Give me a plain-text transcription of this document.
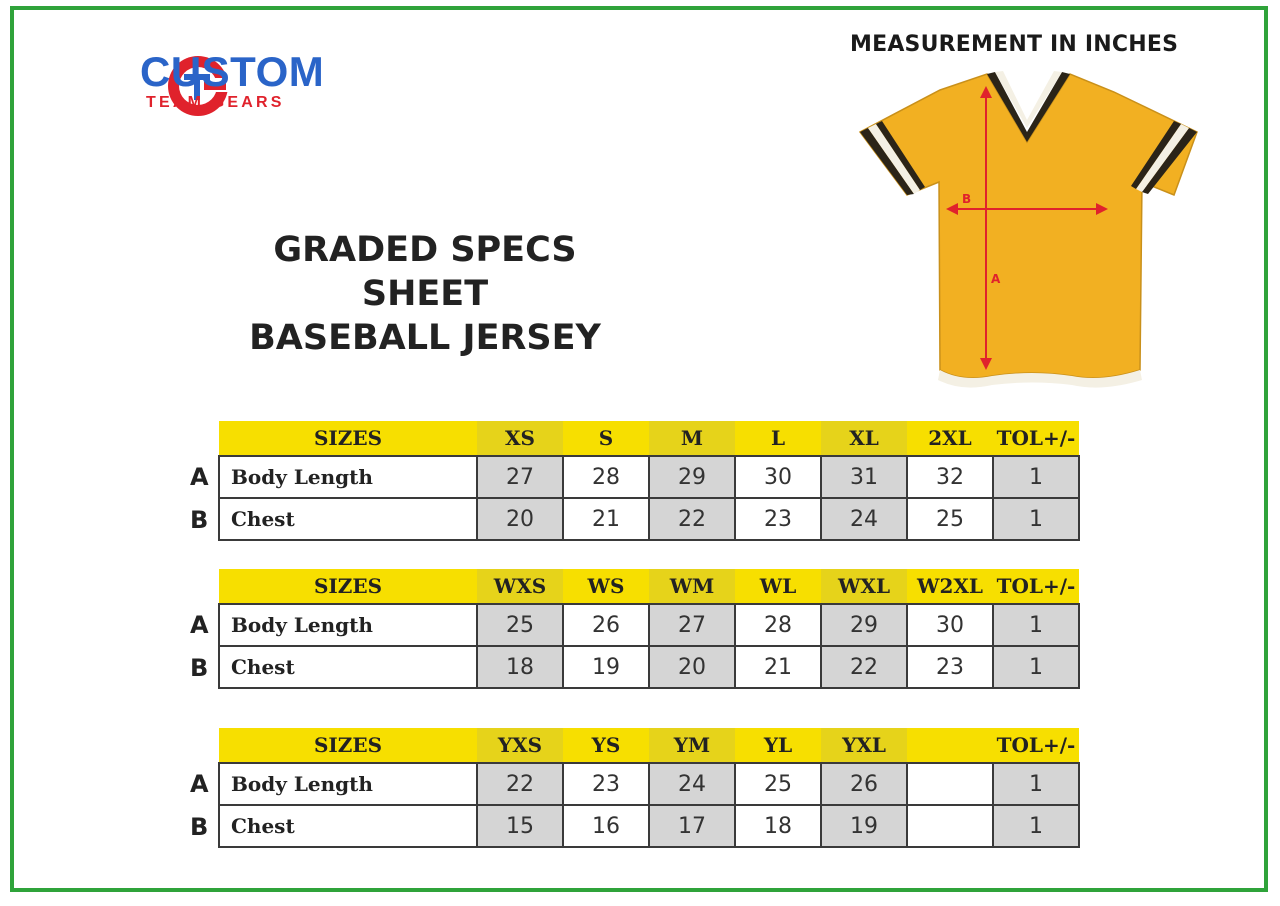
CUSTOM
TEAM GEARS
MEASUREMENT IN INCHES
GRADED SPECS SHEET
BASEBALL JERSEY
B
A
A
B
SIZES	XS	S	M	L	XL	2XL	TOL+/-
Body Length	27	28	29	30	31	32	1
Chest	20	21	22	23	24	25	1
A
B
SIZES	WXS	WS	WM	WL	WXL	W2XL	TOL+/-
Body Length	25	26	27	28	29	30	1
Chest	18	19	20	21	22	23	1
A
B
SIZES	YXS	YS	YM	YL	YXL		TOL+/-
Body Length	22	23	24	25	26		1
Chest	15	16	17	18	19		1
